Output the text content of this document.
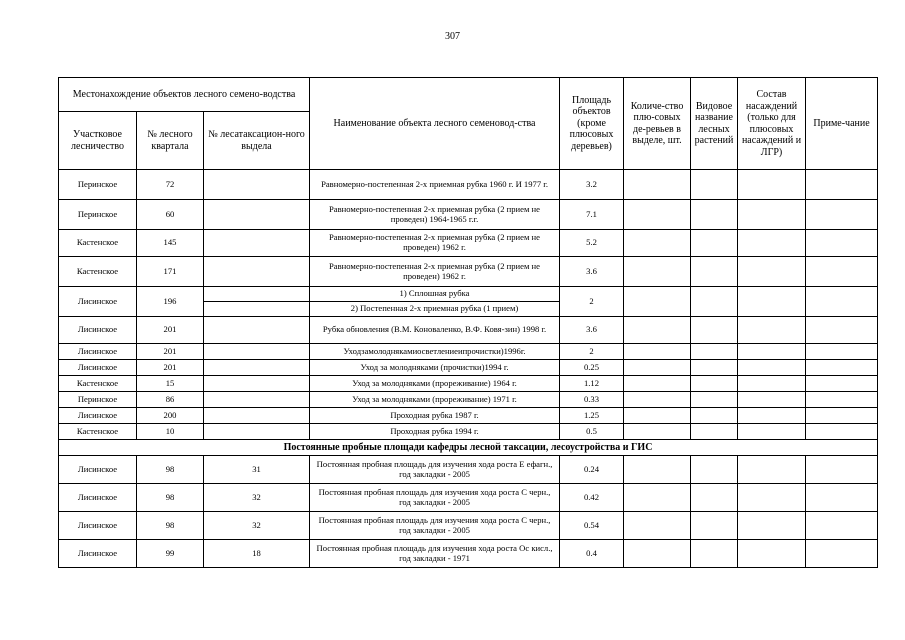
307
Местонахождение объектов лесного семено-водства			Наименование объекта лесного семеновод-ства	Площадь объектов (кроме плюсовых деревьев)	Количе-ство плю-совых де-ревьев в выделе, шт.	Видовое название лесных растений	Состав насаждений (только для плюсовых насаждений и ЛГР)	Приме-чание
Участковое лесничество	№ лесного квартала	№ лесатаксацион-ного выдела						
Перинское	72		Равномерно-постепенная 2-х приемная рубка 1960 г. И 1977 г.	3.2				
Перинское	60		Равномерно-постепенная 2-х приемная рубка (2 прием не проведен) 1964-1965 г.г.	7.1				
Кастенское	145		Равномерно-постепенная 2-х приемная рубка (2 прием не проведен) 1962 г.	5.2				
Кастенское	171		Равномерно-постепенная 2-х приемная рубка (2 прием не проведен) 1962 г.	3.6				
Лисинское	196		1) Сплошная рубка	2				
			2) Постепенная 2-х приемная рубка (1 прием)					
Лисинское	201		Рубка обновления (В.М. Коноваленко, В.Ф. Ковя-зин) 1998 г.	3.6				
Лисинское	201		Уходзамолоднякамиосветлениеипрочистки)1996г.	2				
Лисинское	201		Уход за молодняками (прочистки)1994 г.	0.25				
Кастенское	15		Уход за молодняками (прореживание) 1964 г.	1.12				
Перинское	86		Уход за молодняками (прореживание) 1971 г.	0.33				
Лисинское	200		Проходная рубка 1987 г.	1.25				
Кастенское	10		Проходная рубка 1994 г.	0.5				
Постоянные пробные площади кафедры лесной таксации, лесоустройства и ГИС								
Лисинское	98	31	Постоянная пробная площадь для изучения хода роста Е ефагн., год закладки - 2005	0.24				
Лисинское	98	32	Постоянная пробная площадь для изучения хода роста С черн., год закладки - 2005	0.42				
Лисинское	98	32	Постоянная пробная площадь для изучения хода роста С черн., год закладки - 2005	0.54				
Лисинское	99	18	Постоянная пробная площадь для изучения хода роста Ос кисл., год закладки - 1971	0.4				
